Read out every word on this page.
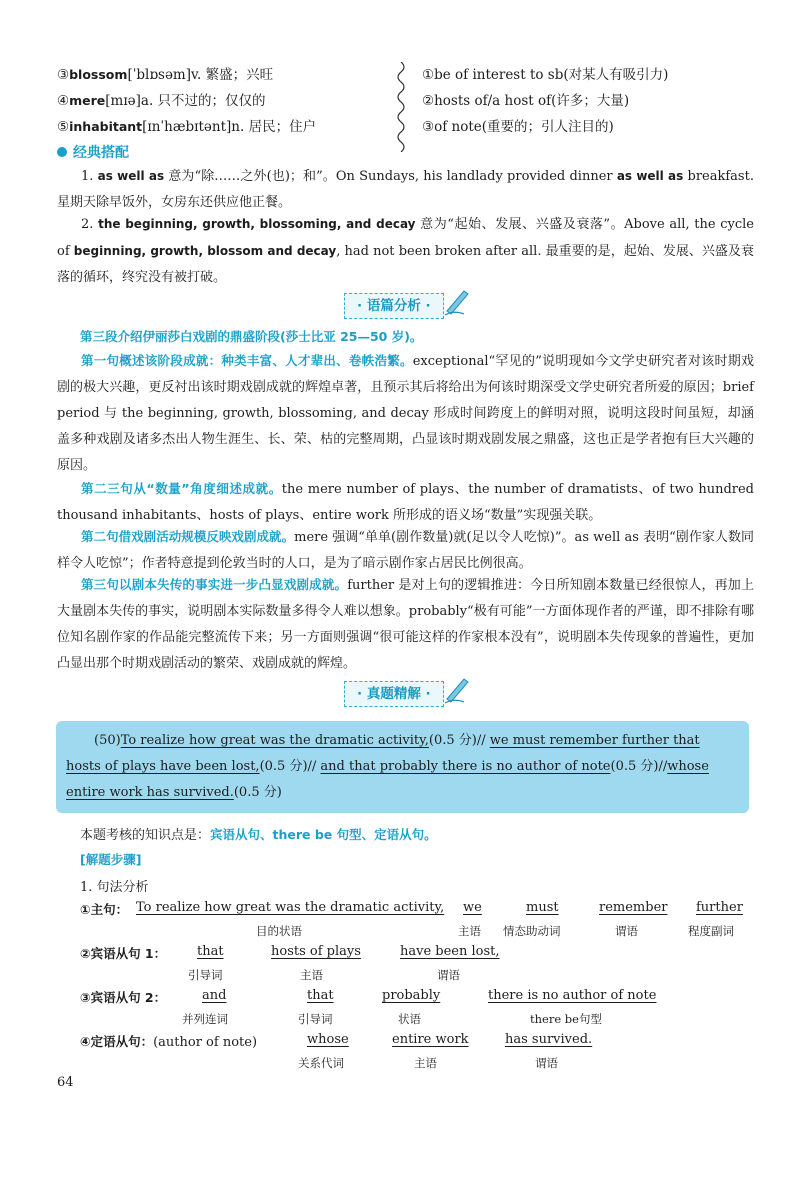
③blossom[ˈblɒsəm]v. 繁盛；兴旺
④mere[mɪə]a. 只不过的；仅仅的
⑤inhabitant[ɪnˈhæbɪtənt]n. 居民；住户
①be of interest to sb(对某人有吸引力)
②hosts of/a host of(许多；大量)
③of note(重要的；引人注目的)
经典搭配
1. as well as 意为“除……之外(也)；和”。On Sundays, his landlady provided dinner as well as breakfast. 星期天除早饭外，女房东还供应他正餐。
2. the beginning, growth, blossoming, and decay 意为“起始、发展、兴盛及衰落”。Above all, the cycle of beginning, growth, blossom and decay, had not been broken after all. 最重要的是，起始、发展、兴盛及衰落的循环，终究没有被打破。
· 语篇分析 ·
第三段介绍伊丽莎白戏剧的鼎盛阶段(莎士比亚 25—50 岁)。
第一句概述该阶段成就：种类丰富、人才辈出、卷帙浩繁。exceptional“罕见的”说明现如今文学史研究者对该时期戏剧的极大兴趣，更反衬出该时期戏剧成就的辉煌卓著，且预示其后将给出为何该时期深受文学史研究者所爱的原因；brief period 与 the beginning, growth, blossoming, and decay 形成时间跨度上的鲜明对照，说明这段时间虽短，却涵盖多种戏剧及诸多杰出人物生涯生、长、荣、枯的完整周期，凸显该时期戏剧发展之鼎盛，这也正是学者抱有巨大兴趣的原因。
第二三句从“数量”角度细述成就。the mere number of plays、the number of dramatists、of two hundred thousand inhabitants、hosts of plays、entire work 所形成的语义场“数量”实现强关联。
第二句借戏剧活动规模反映戏剧成就。mere 强调“单单(剧作数量)就(足以令人吃惊)”。as well as 表明“剧作家人数同样令人吃惊”；作者特意提到伦敦当时的人口，是为了暗示剧作家占居民比例很高。
第三句以剧本失传的事实进一步凸显戏剧成就。further 是对上句的逻辑推进：今日所知剧本数量已经很惊人，再加上大量剧本失传的事实，说明剧本实际数量多得令人难以想象。probably“极有可能”一方面体现作者的严谨，即不排除有哪位知名剧作家的作品能完整流传下来；另一方面则强调“很可能这样的作家根本没有”，说明剧本失传现象的普遍性，更加凸显出那个时期戏剧活动的繁荣、戏剧成就的辉煌。
· 真题精解 ·
(50)To realize how great was the dramatic activity,(0.5 分)// we must remember further that hosts of plays have been lost,(0.5 分)// and that probably there is no author of note(0.5 分)//whose entire work has survived.(0.5 分)
本题考核的知识点是：宾语从句、there be 句型、定语从句。
[解题步骤]
1. 句法分析
①主句： To realize how great was the dramatic activity, we	must	remember further
目的状语	主语 情态助动词	谓语	程度副词
②宾语从句 1： that	hosts of plays	have been lost,
引导词	主语	谓语
③宾语从句 2：	and	that	probably	there is no author of note
并列连词	引导词	状语	there be句型
④定语从句：(author of note)	whose	entire work	has survived.
关系代词	主语	谓语
64
